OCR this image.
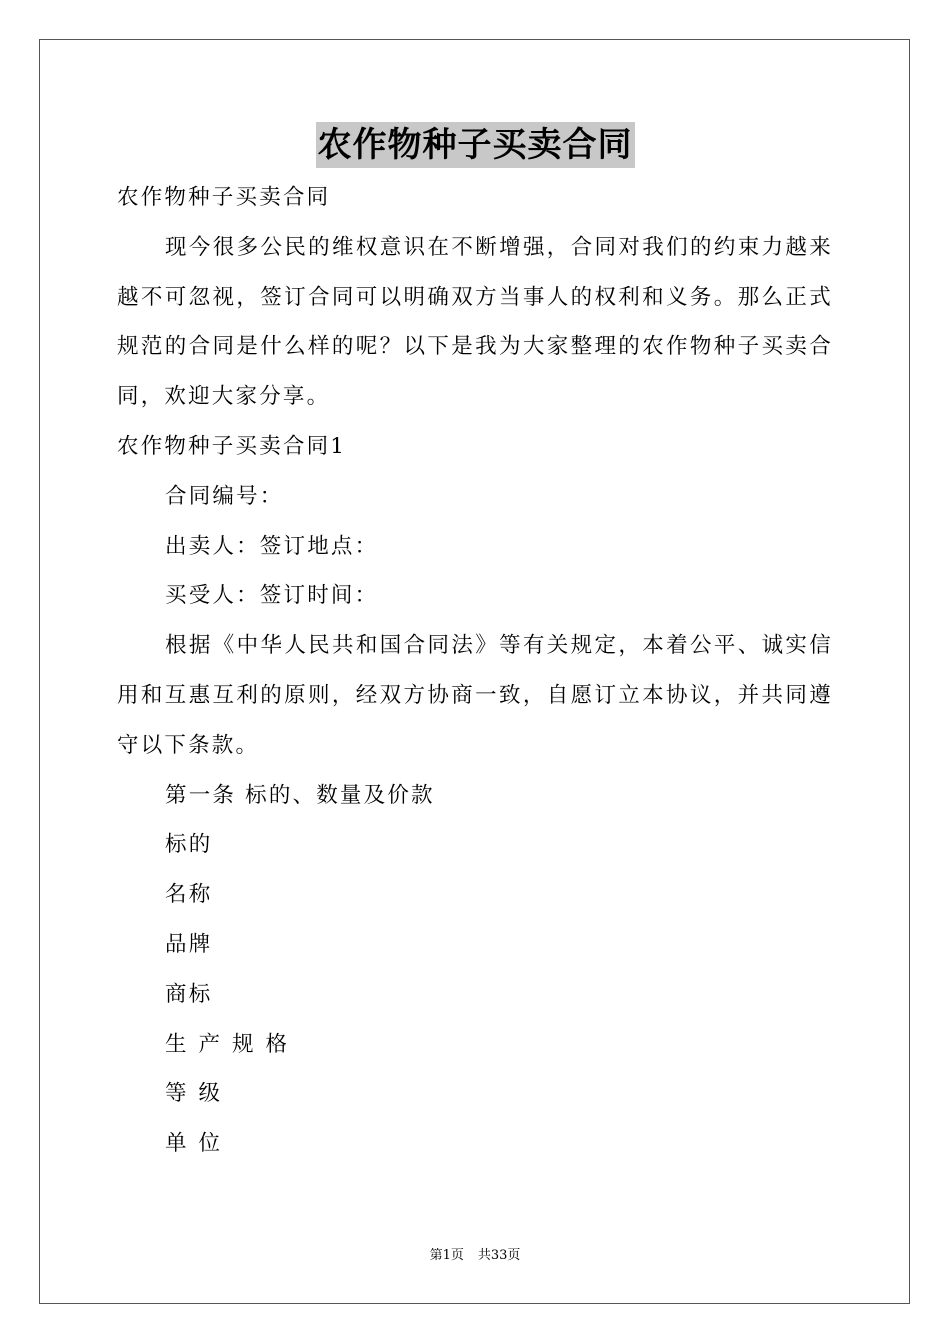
农作物种子买卖合同

农作物种子买卖合同

现今很多公民的维权意识在不断增强，合同对我们的约束力越来越不可忽视，签订合同可以明确双方当事人的权利和义务。那么正式规范的合同是什么样的呢？以下是我为大家整理的农作物种子买卖合同，欢迎大家分享。

农作物种子买卖合同1

合同编号：

出卖人：签订地点：

买受人：签订时间：

根据《中华人民共和国合同法》等有关规定，本着公平、诚实信用和互惠互利的原则，经双方协商一致，自愿订立本协议，并共同遵守以下条款。

第一条 标的、数量及价款

标的

名称

品牌

商标

生产规格

等级

单位

第1页 共33页
